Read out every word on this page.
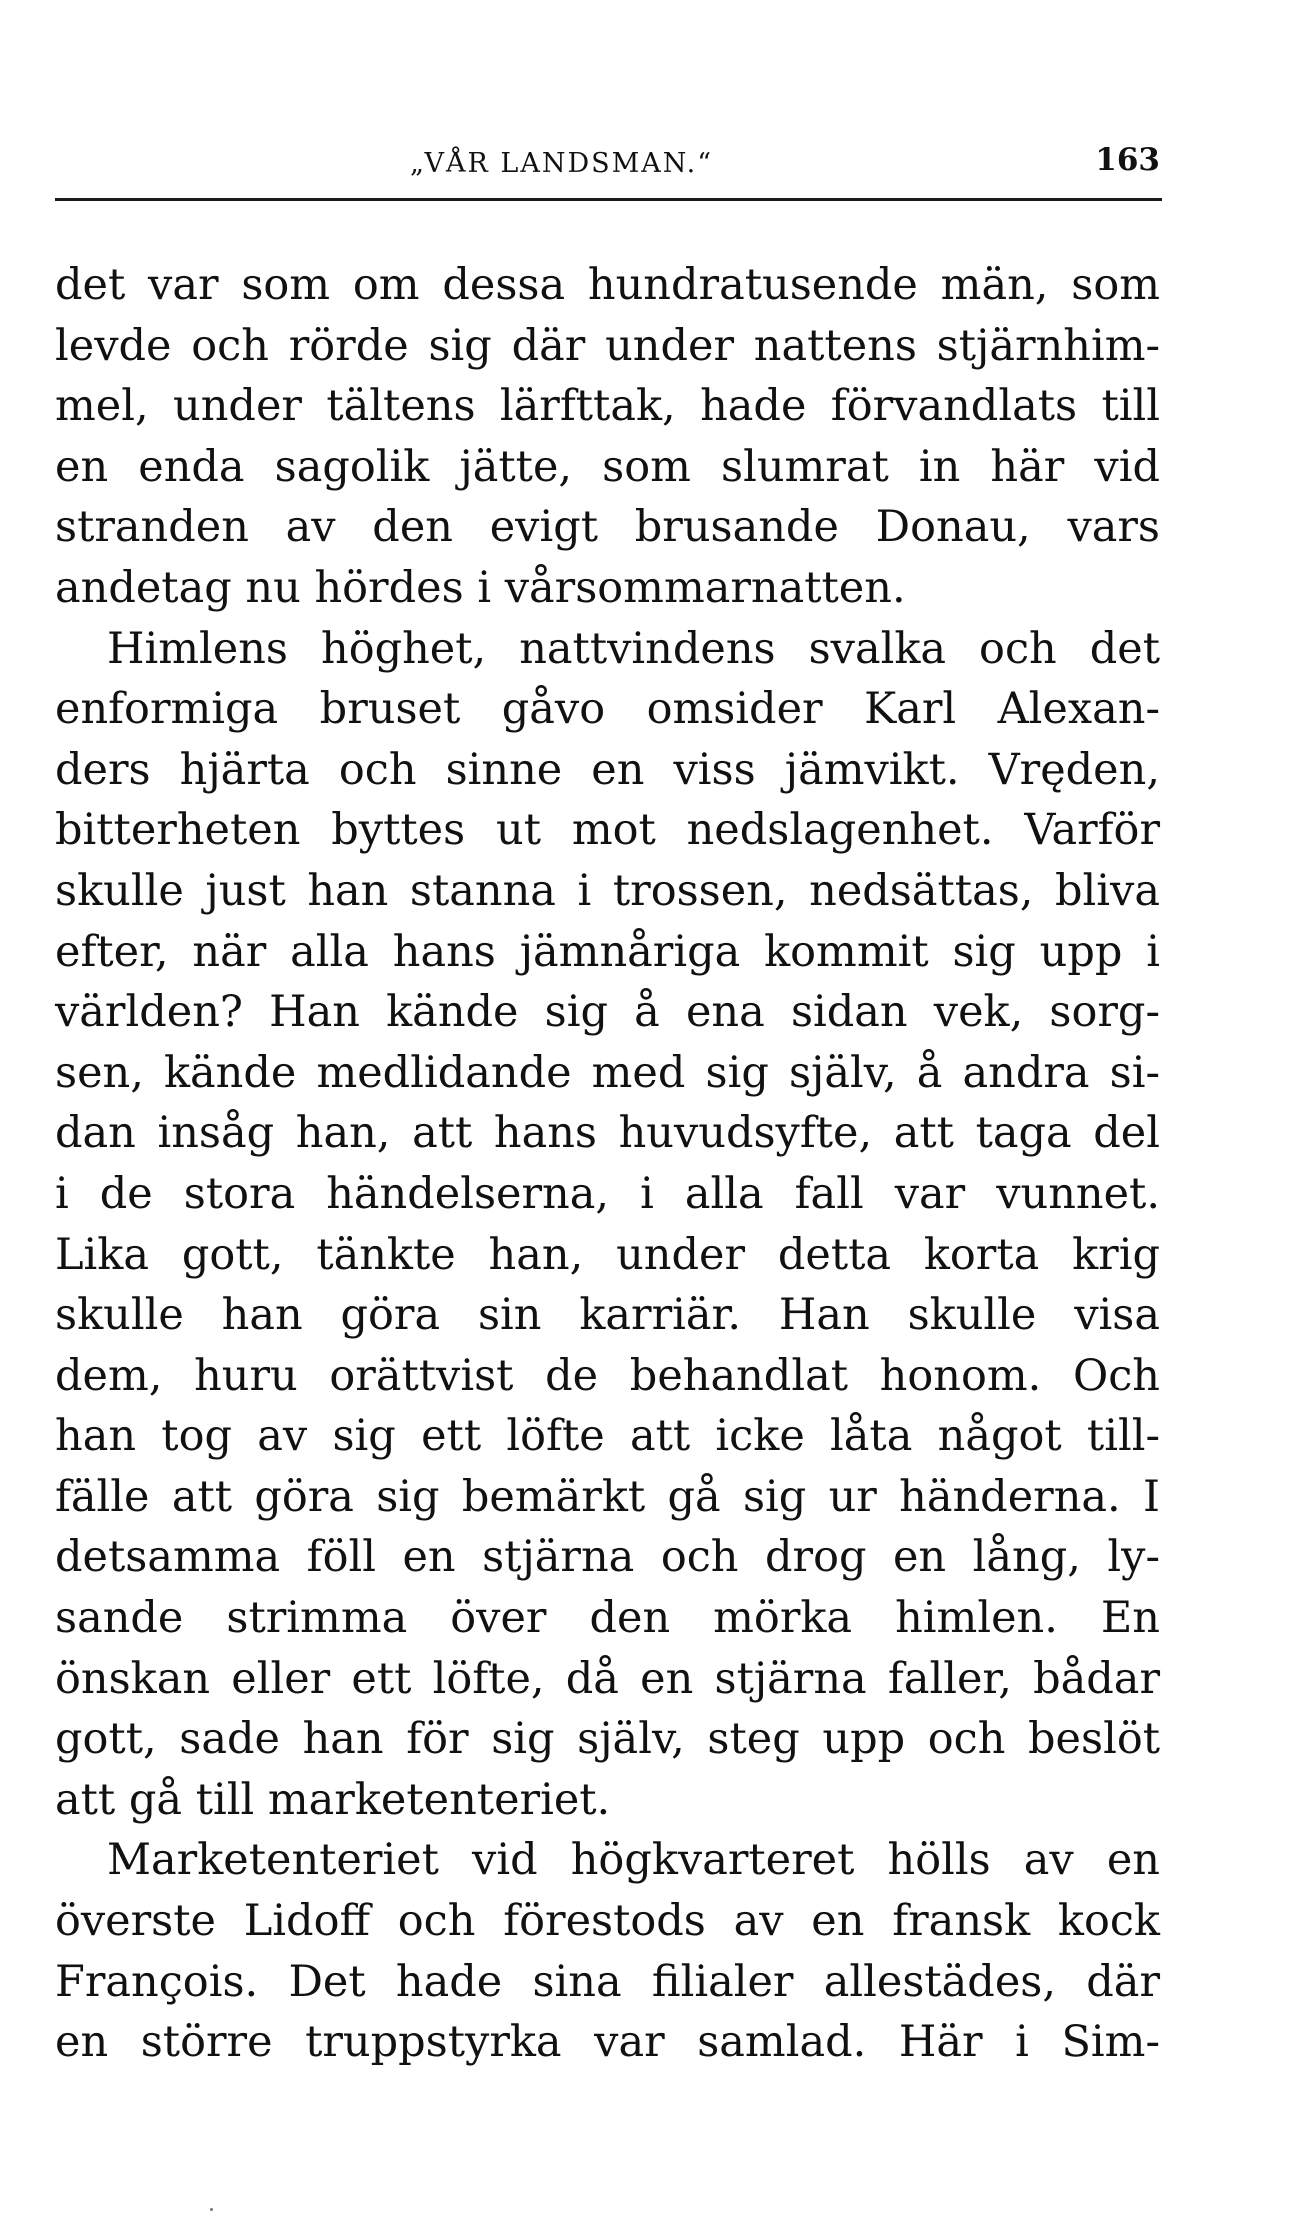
„VÅR LANDSMAN.“	163
det var som om dessa hundratusende män, som
levde och rörde sig där under nattens stjärnhim-
mel, under tältens lärfttak, hade förvandlats till
en enda sagolik jätte, som slumrat in här vid
stranden av den evigt brusande Donau, vars
andetag nu hördes i vårsommarnatten.
Himlens höghet, nattvindens svalka och det
enformiga bruset gåvo omsider Karl Alexan-
ders hjärta och sinne en viss jämvikt. Vręden,
bitterheten byttes ut mot nedslagenhet. Varför
skulle just han stanna i trossen, nedsättas, bliva
efter, när alla hans jämnåriga kommit sig upp i
världen? Han kände sig å ena sidan vek, sorg-
sen, kände medlidande med sig själv, å andra si-
dan insåg han, att hans huvudsyfte, att taga del
i de stora händelserna, i alla fall var vunnet.
Lika gott, tänkte han, under detta korta krig
skulle han göra sin karriär. Han skulle visa
dem, huru orättvist de behandlat honom. Och
han tog av sig ett löfte att icke låta något till-
fälle att göra sig bemärkt gå sig ur händerna. I
detsamma föll en stjärna och drog en lång, ly-
sande strimma över den mörka himlen. En
önskan eller ett löfte, då en stjärna faller, bådar
gott, sade han för sig själv, steg upp och beslöt
att gå till marketenteriet.
Marketenteriet vid högkvarteret hölls av en
överste Lidoff och förestods av en fransk kock
François. Det hade sina filialer allestädes, där
en större truppstyrka var samlad. Här i Sim-
